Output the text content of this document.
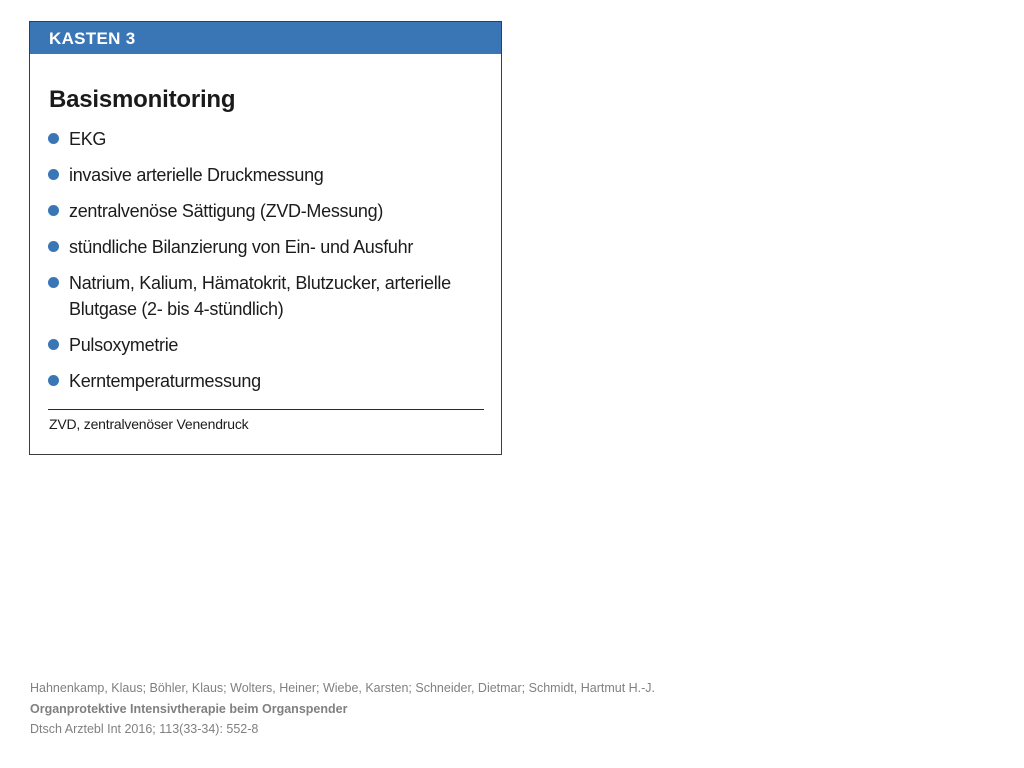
KASTEN 3
Basismonitoring
EKG
invasive arterielle Druckmessung
zentralvenöse Sättigung (ZVD-Messung)
stündliche Bilanzierung von Ein- und Ausfuhr
Natrium, Kalium, Hämatokrit, Blutzucker, arterielle Blutgase (2- bis 4-stündlich)
Pulsoxymetrie
Kerntemperaturmessung
ZVD, zentralvenöser Venendruck
Hahnenkamp, Klaus; Böhler, Klaus; Wolters, Heiner; Wiebe, Karsten; Schneider, Dietmar; Schmidt, Hartmut H.-J.
Organprotektive Intensivtherapie beim Organspender
Dtsch Arztebl Int 2016; 113(33-34): 552-8
